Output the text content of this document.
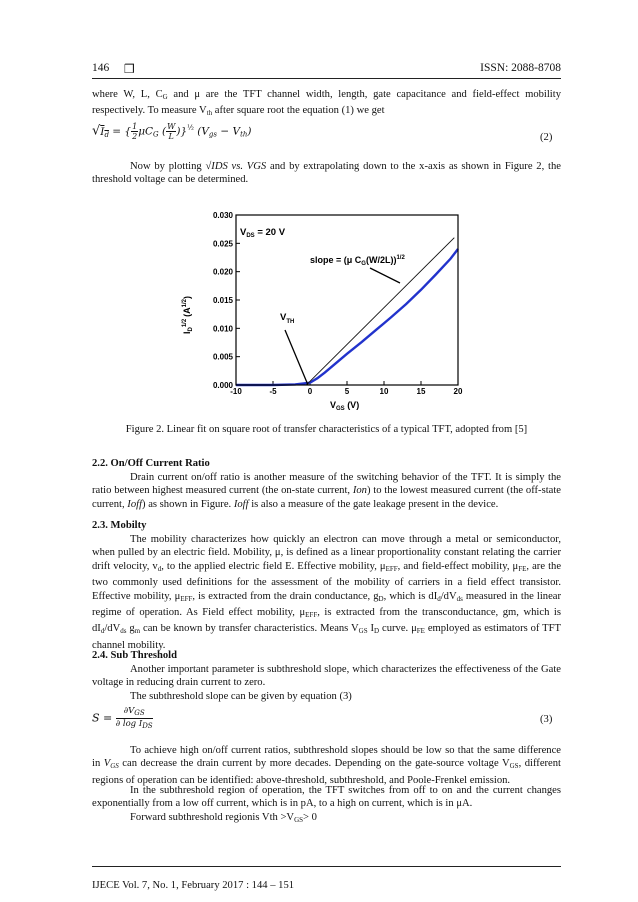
146 ❒	ISSN: 2088-8708

where W, L, $C_G$ and μ are the TFT channel width, length, gate capacitance and field-effect mobility respectively. To measure $V_{th}$ after square root the equation (1) we get

$√I_d$ = { $\frac{1}{2} \mu C_G$ ( $\frac{W}{L} )\}^{\frac{1}{2}}$ $(V_{gs} - V_{th})$	(2)

Now by plotting √IDS vs. VGS and by extrapolating down to the x-axis as shown in Figure 2, the threshold voltage can be determined.

-10	-5	0	5	10	15	20
0.000
0.005
0.010
0.015
0.020
0.025
0.030
$V_{DS} = 20$ V
slope = (μ $C_G(W/2L))^{1/2}$
$V_{TH}$
$I_D^{1/2}(A^{1/2})$
$V_{GS}$ (V)

Figure 2. Linear fit on square root of transfer characteristics of a typical TFT, adopted from [5]

2.2. On/Off Current Ratio

Drain current on/off ratio is another measure of the switching behavior of the TFT. It is simply the ratio between highest measured current (the on-state current, Ion) to the lowest measured current (the off-state current, Ioff) as shown in Figure. Ioff is also a measure of the gate leakage present in the device.

2.3. Mobilty

The mobility characterizes how quickly an electron can move through a metal or semiconductor, when pulled by an electric field. Mobility, μ, is defined as a linear proportionality constant relating the carrier drift velocity, $v_d$, to the applied electric field E. Effective mobility, $\mu_{EFF}$, and field-effect mobility, $\mu_{FE}$, are the two commonly used definitions for the assessment of the mobility of carriers in a field effect transistor. Effective mobility, $\mu_{EFF}$, is extracted from the drain conductance, $g_D$, which is $dI_d/dV_{ds}$ measured in the linear regime of operation. As Field effect mobility, $\mu_{EFF}$, is extracted from the transconductance, gm, which is $dI_d/dV_{ds}$ $g_m$ can be known by transfer characteristics. Means $V_{GS}$ $I_D$ curve. $\mu_{FE}$ employed as estimators of TFT channel mobility.

2.4. Sub Threshold

Another important parameter is subthreshold slope, which characterizes the effectiveness of the Gate voltage in reducing drain current to zero.

The subthreshold slope can be given by equation (3)

$S = \frac{\partial V_{GS}}{\partial \log I_{DS}}$	(3)

To achieve high on/off current ratios, subthreshold slopes should be low so that the same difference in $V_{GS}$ can decrease the drain current by more decades. Depending on the gate-source voltage $V_{GS}$, different regions of operation can be identified: above-threshold, subthreshold, and Poole-Frenkel emission.

In the subthreshold region of operation, the TFT switches from off to on and the current changes exponentially from a low off current, which is in pA, to a high on current, which is in μA.

Forward subthreshold regionis Vth $>V_{GS}> 0$

IJECE Vol. 7, No. 1, February 2017 : 144 – 151
